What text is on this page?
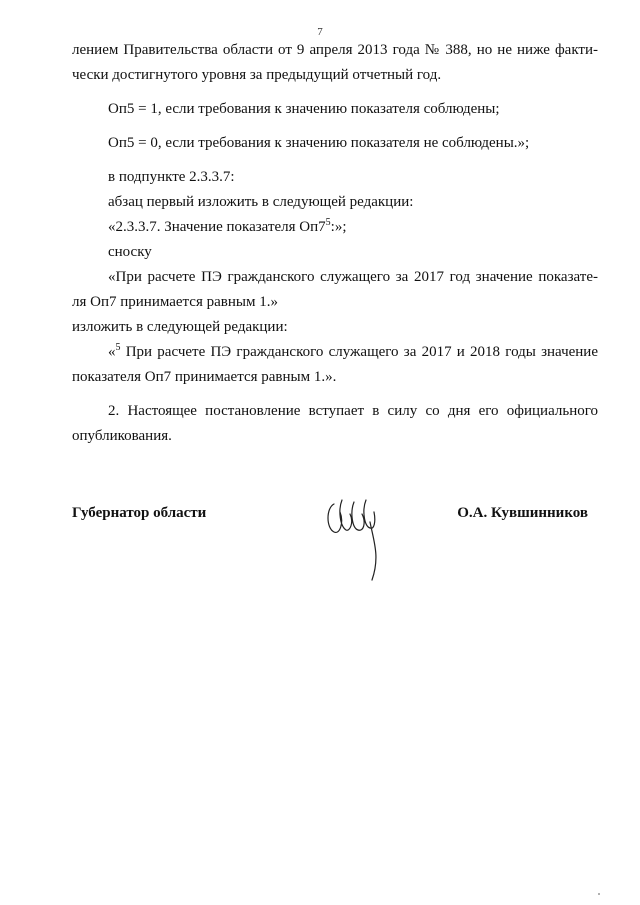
7

лением Правительства области от 9 апреля 2013 года № 388, но не ниже факти-

чески достигнутого уровня за предыдущий отчетный год.

Оп5 = 1, если требования к значению показателя соблюдены;

Оп5 = 0, если требования к значению показателя не соблюдены.»;

в подпункте 2.3.3.7:

абзац первый изложить в следующей редакции:

«2.3.3.7. Значение показателя $Оп7^5$:»;

сноску

«При расчете ПЭ гражданского служащего за 2017 год значение показате-

ля Оп7 принимается равным 1.»

изложить в следующей редакции:

«$^5$ При расчете ПЭ гражданского служащего за 2017 и 2018 годы значение

показателя Оп7 принимается равным 1.».

2. Настоящее постановление вступает в силу со дня его официального

опубликования.

Губернатор области	О.А. Кувшинников
